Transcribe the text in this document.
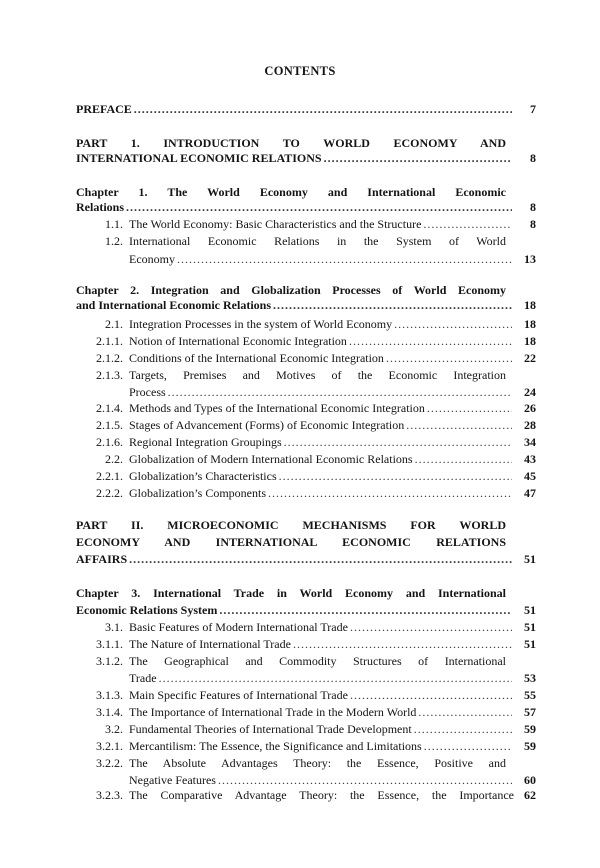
CONTENTS
PREFACE .....	7
PART 1. INTRODUCTION TO WORLD ECONOMY AND
INTERNATIONAL ECONOMIC RELATIONS .....	8
Chapter 1. The World Economy and International Economic
Relations .....	8
1.1. The World Economy: Basic Characteristics and the Structure .....	8
1.2. International Economic Relations in the System of World
Economy .....	13
Chapter 2. Integration and Globalization Processes of World Economy
and International Economic Relations .....	18
2.1. Integration Processes in the system of World Economy .....	18
2.1.1. Notion of International Economic Integration .....	18
2.1.2. Conditions of the International Economic Integration .....	22
2.1.3. Targets, Premises and Motives of the Economic Integration
Process .....	24
2.1.4. Methods and Types of the International Economic Integration .....	26
2.1.5. Stages of Advancement (Forms) of Economic Integration .....	28
2.1.6. Regional Integration Groupings .....	34
2.2. Globalization of Modern International Economic Relations .....	43
2.2.1. Globalization’s Characteristics .....	45
2.2.2. Globalization’s Components .....	47
PART II. MICROECONOMIC MECHANISMS FOR WORLD
ECONOMY AND INTERNATIONAL ECONOMIC RELATIONS
AFFAIRS .....	51
Chapter 3. International Trade in World Economy and International
Economic Relations System .....	51
3.1. Basic Features of Modern International Trade .....	51
3.1.1. The Nature of International Trade .....	51
3.1.2. The Geographical and Commodity Structures of International
Trade .....	53
3.1.3. Main Specific Features of International Trade .....	55
3.1.4. The Importance of International Trade in the Modern World .....	57
3.2. Fundamental Theories of International Trade Development .....	59
3.2.1. Mercantilism: The Essence, the Significance and Limitations .....	59
3.2.2. The Absolute Advantages Theory: the Essence, Positive and
Negative Features .....	60
3.2.3. The Comparative Advantage Theory: the Essence, the Importance 62
